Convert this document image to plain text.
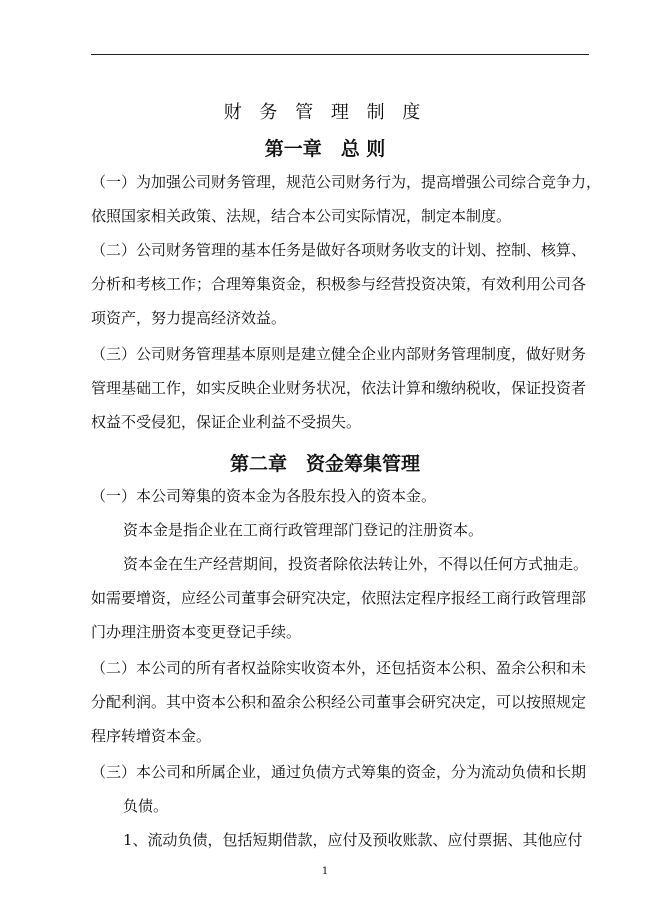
财 务 管 理 制 度
第一章　总 则
（一）为加强公司财务管理，规范公司财务行为，提高增强公司综合竞争力，
依照国家相关政策、法规，结合本公司实际情况，制定本制度。
（二）公司财务管理的基本任务是做好各项财务收支的计划、控制、核算、
分析和考核工作；合理筹集资金，积极参与经营投资决策，有效利用公司各
项资产，努力提高经济效益。
（三）公司财务管理基本原则是建立健全企业内部财务管理制度，做好财务
管理基础工作，如实反映企业财务状况，依法计算和缴纳税收，保证投资者
权益不受侵犯，保证企业利益不受损失。
第二章　资金筹集管理
（一）本公司筹集的资本金为各股东投入的资本金。
资本金是指企业在工商行政管理部门登记的注册资本。
资本金在生产经营期间，投资者除依法转让外，不得以任何方式抽走。
如需要增资，应经公司董事会研究决定，依照法定程序报经工商行政管理部
门办理注册资本变更登记手续。
（二）本公司的所有者权益除实收资本外，还包括资本公积、盈余公积和未
分配利润。其中资本公积和盈余公积经公司董事会研究决定，可以按照规定
程序转增资本金。
（三）本公司和所属企业，通过负债方式筹集的资金，分为流动负债和长期
负债。
1、流动负债，包括短期借款，应付及预收账款、应付票据、其他应付
1
